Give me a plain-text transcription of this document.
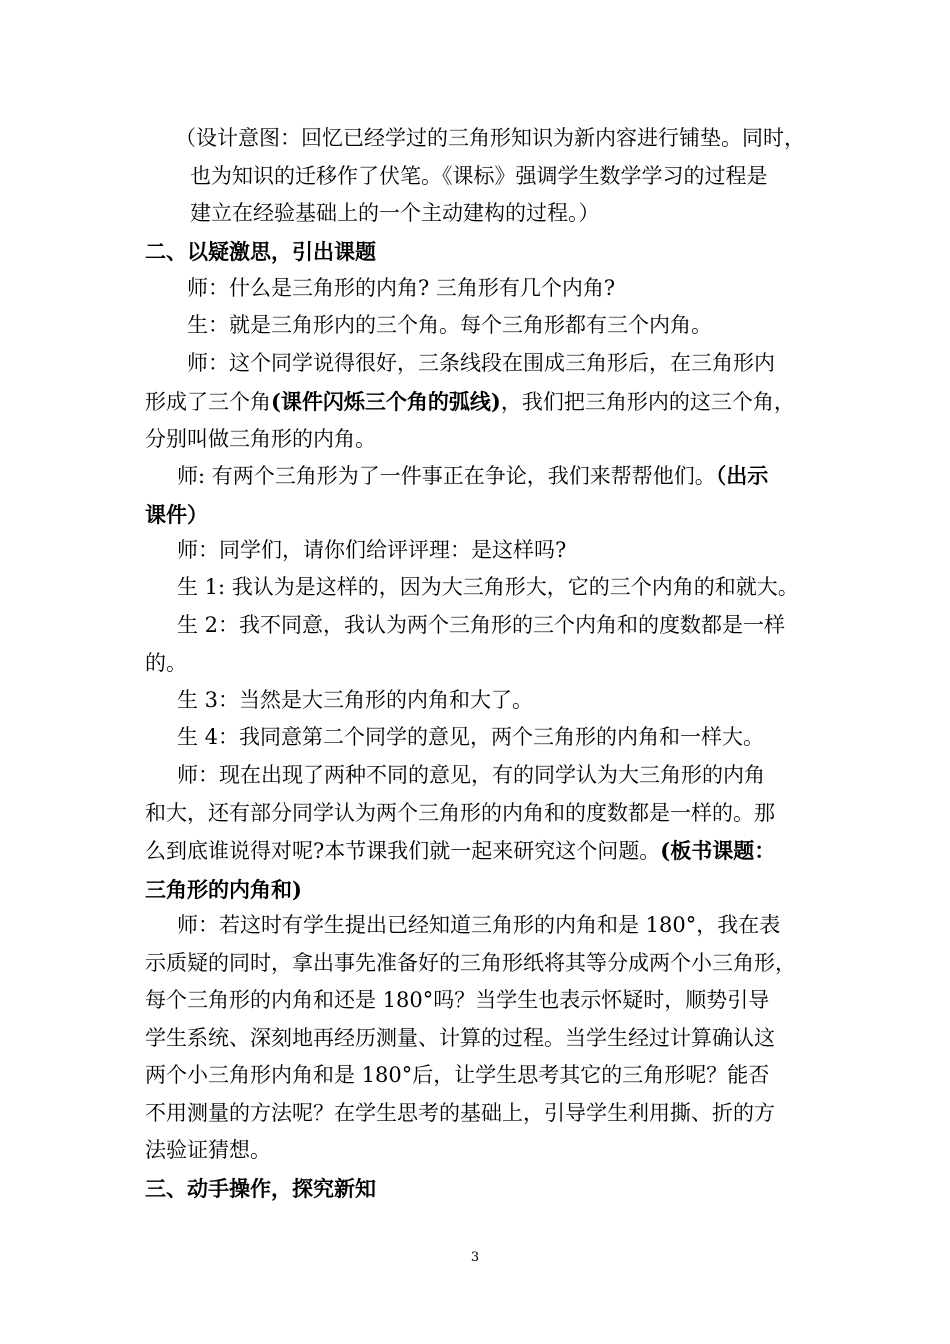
（设计意图：回忆已经学过的三角形知识为新内容进行铺垫。同时，
也为知识的迁移作了伏笔。《课标》强调学生数学学习的过程是
建立在经验基础上的一个主动建构的过程。）

二、以疑激思，引出课题

师：什么是三角形的内角? 三角形有几个内角?

生：就是三角形内的三个角。每个三角形都有三个内角。

师：这个同学说得很好，三条线段在围成三角形后，在三角形内
形成了三个角(课件闪烁三个角的弧线)，我们把三角形内的这三个角，
分别叫做三角形的内角。

师: 有两个三角形为了一件事正在争论，我们来帮帮他们。（出示
课件）

师：同学们，请你们给评评理：是这样吗?

生 1: 我认为是这样的，因为大三角形大，它的三个内角的和就大。

生 2：我不同意，我认为两个三角形的三个内角和的度数都是一样
的。

生 3：当然是大三角形的内角和大了。

生 4：我同意第二个同学的意见，两个三角形的内角和一样大。

师：现在出现了两种不同的意见，有的同学认为大三角形的内角
和大，还有部分同学认为两个三角形的内角和的度数都是一样的。那
么到底谁说得对呢?本节课我们就一起来研究这个问题。(板书课题：
三角形的内角和)

师：若这时有学生提出已经知道三角形的内角和是 180°，我在表
示质疑的同时，拿出事先准备好的三角形纸将其等分成两个小三角形，
每个三角形的内角和还是 180°吗？当学生也表示怀疑时，顺势引导
学生系统、深刻地再经历测量、计算的过程。当学生经过计算确认这
两个小三角形内角和是 180°后，让学生思考其它的三角形呢？能否
不用测量的方法呢？在学生思考的基础上，引导学生利用撕、折的方
法验证猜想。

三、动手操作，探究新知

3
